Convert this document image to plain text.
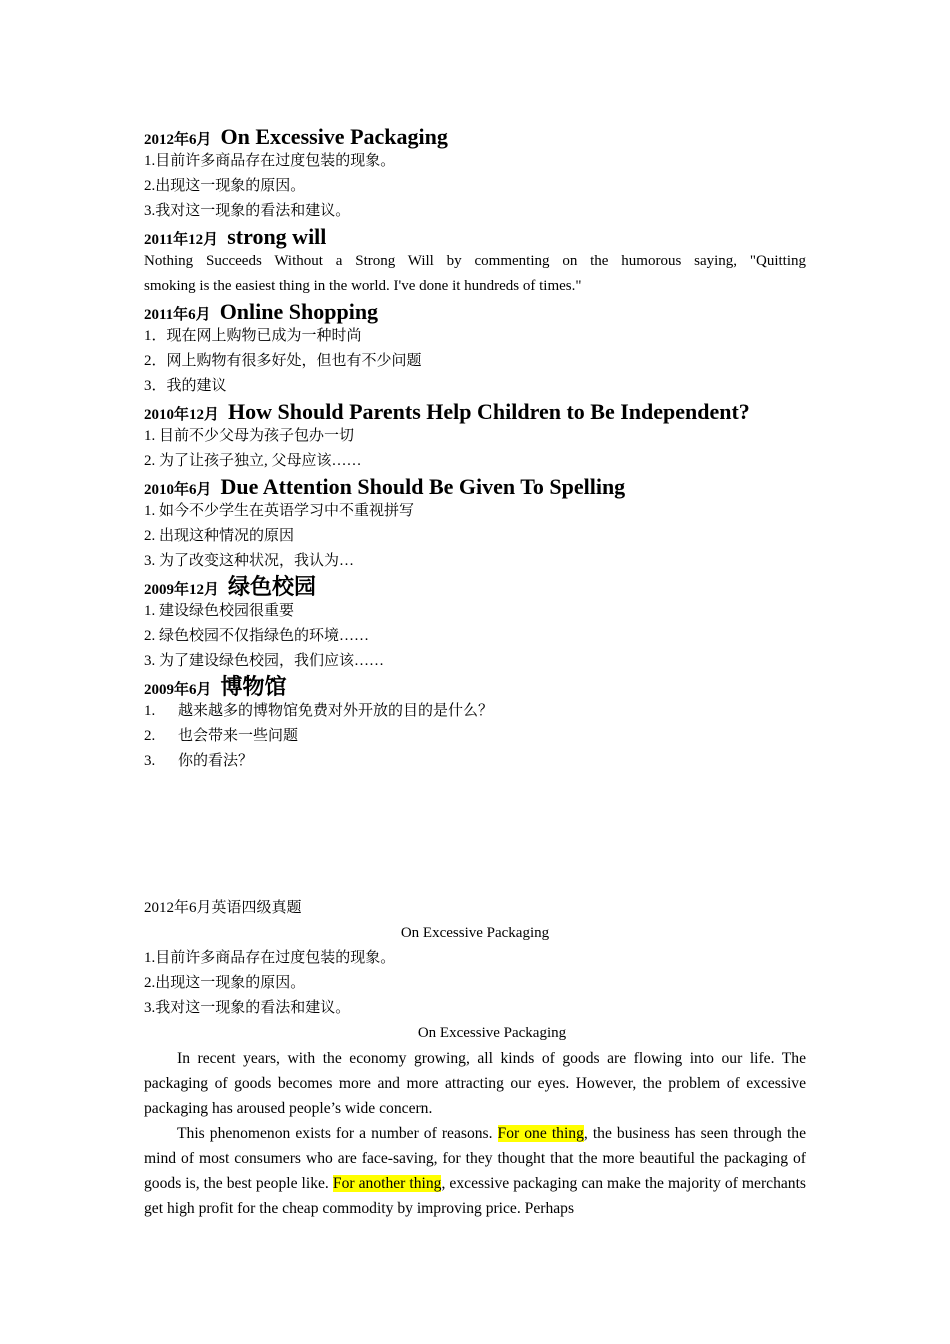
2012年6月 On Excessive Packaging
1.目前许多商品存在过度包装的现象。
2.出现这一现象的原因。
3.我对这一现象的看法和建议。
2011年12月 strong will
Nothing Succeeds Without a Strong Will by commenting on the humorous saying, "Quitting
smoking is the easiest thing in the world. I've done it hundreds of times."
2011年6月 Online Shopping
1．现在网上购物已成为一种时尚
2．网上购物有很多好处，但也有不少问题
3．我的建议
2010年12月 How Should Parents Help Children to Be Independent?
1. 目前不少父母为孩子包办一切
2. 为了让孩子独立, 父母应该……
2010年6月 Due Attention Should Be Given To Spelling
1. 如今不少学生在英语学习中不重视拼写
2. 出现这种情况的原因
3. 为了改变这种状况，我认为…
2009年12月 绿色校园
1. 建设绿色校园很重要
2. 绿色校园不仅指绿色的环境……
3. 为了建设绿色校园，我们应该……
2009年6月 博物馆
1. 越来越多的博物馆免费对外开放的目的是什么？
2. 也会带来一些问题
3. 你的看法？
2012年6月英语四级真题
On Excessive Packaging
1.目前许多商品存在过度包装的现象。
2.出现这一现象的原因。
3.我对这一现象的看法和建议。
On Excessive Packaging
In recent years, with the economy growing, all kinds of goods are flowing into our life. The packaging of goods becomes more and more attracting our eyes. However, the problem of excessive packaging has aroused people’s wide concern.
This phenomenon exists for a number of reasons. For one thing, the business has seen through the mind of most consumers who are face-saving, for they thought that the more beautiful the packaging of goods is, the best people like. For another thing, excessive packaging can make the majority of merchants get high profit for the cheap commodity by improving price. Perhaps
